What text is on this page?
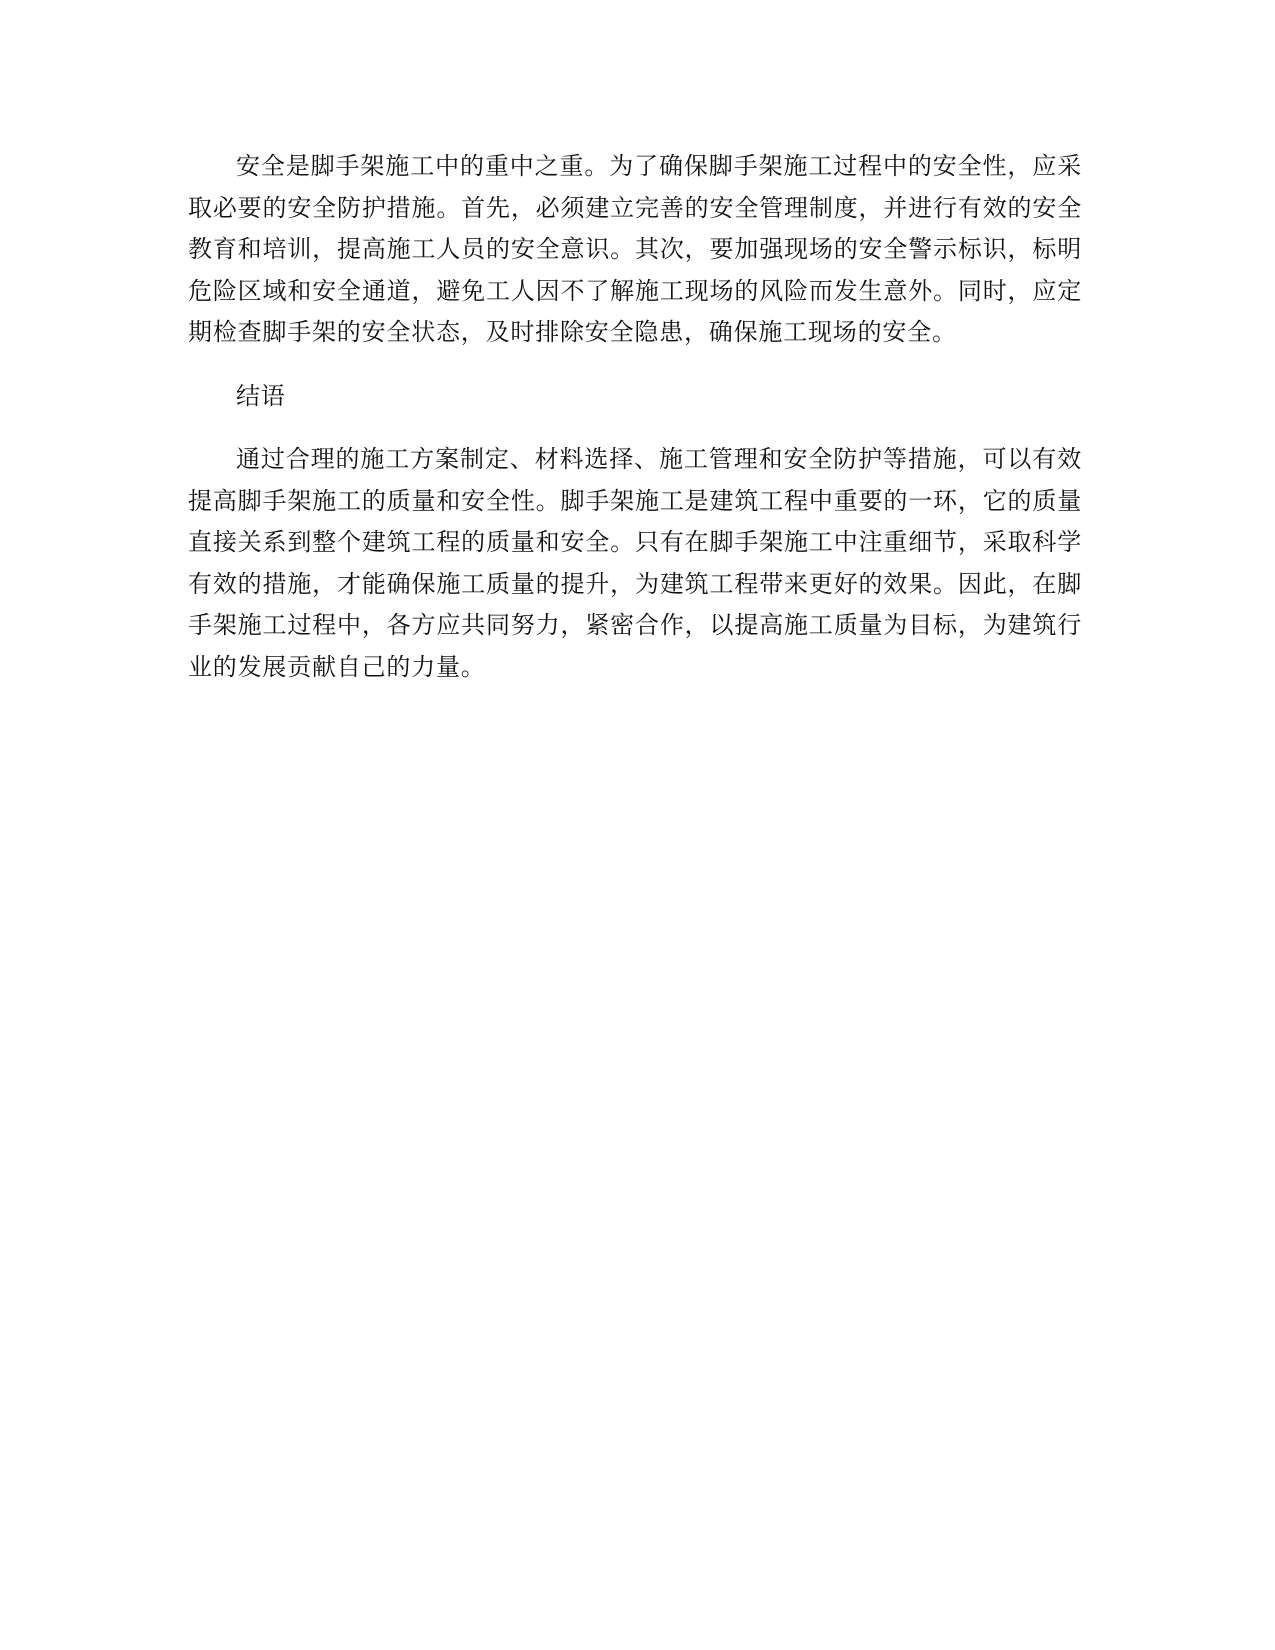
安全是脚手架施工中的重中之重。为了确保脚手架施工过程中的安全性，应采
取必要的安全防护措施。首先，必须建立完善的安全管理制度，并进行有效的安全
教育和培训，提高施工人员的安全意识。其次，要加强现场的安全警示标识，标明
危险区域和安全通道，避免工人因不了解施工现场的风险而发生意外。同时，应定
期检查脚手架的安全状态，及时排除安全隐患，确保施工现场的安全。
结语
通过合理的施工方案制定、材料选择、施工管理和安全防护等措施，可以有效
提高脚手架施工的质量和安全性。脚手架施工是建筑工程中重要的一环，它的质量
直接关系到整个建筑工程的质量和安全。只有在脚手架施工中注重细节，采取科学
有效的措施，才能确保施工质量的提升，为建筑工程带来更好的效果。因此，在脚
手架施工过程中，各方应共同努力，紧密合作，以提高施工质量为目标，为建筑行
业的发展贡献自己的力量。
